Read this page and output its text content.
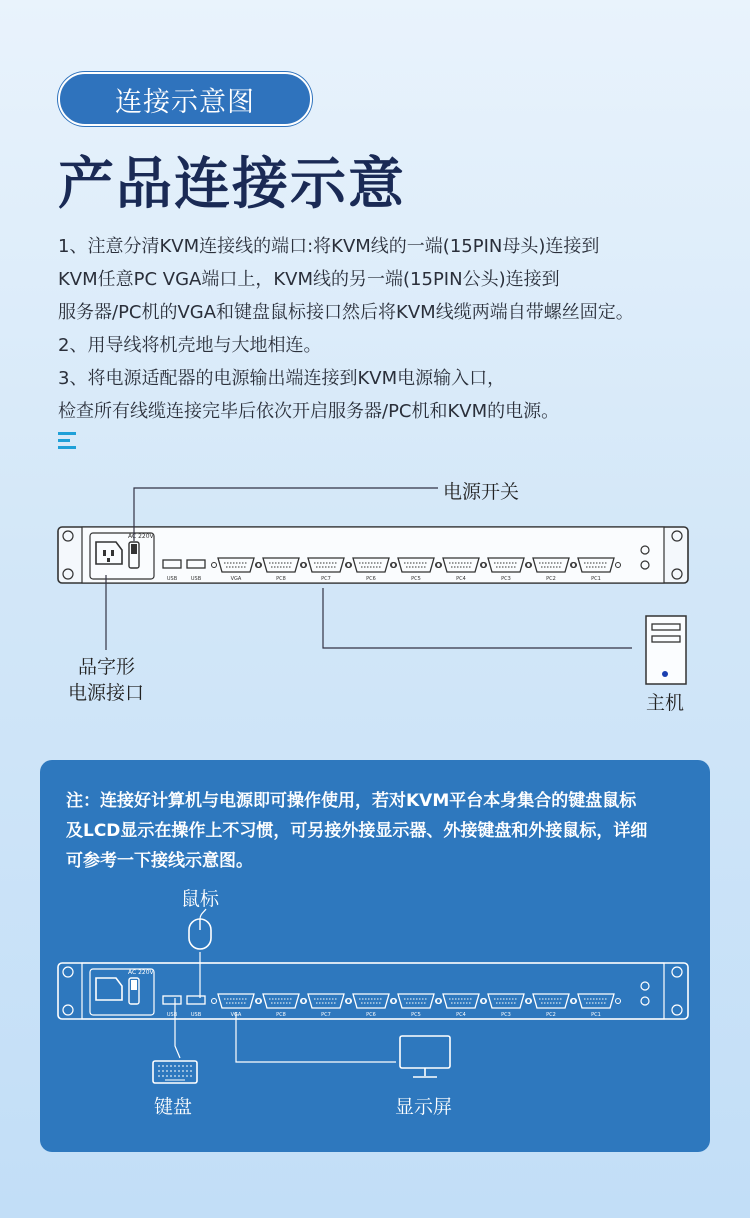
连接示意图
产品连接示意
1、注意分清KVM连接线的端口:将KVM线的一端(15PIN母头)连接到
KVM任意PC VGA端口上，KVM线的另一端(15PIN公头)连接到
服务器/PC机的VGA和键盘鼠标接口然后将KVM线缆两端自带螺丝固定。
2、用导线将机壳地与大地相连。
3、将电源适配器的电源输出端连接到KVM电源输入口，
检查所有线缆连接完毕后依次开启服务器/PC机和KVM的电源。
AC 220V
USB	USB	VGA	PC8	PC7	PC6	PC5	PC4	PC3	PC2	PC1
AC 220V
USB	USB	VGA	PC8	PC7	PC6	PC5	PC4	PC3	PC2	PC1
电源开关
品字形
电源接口	主机
注：连接好计算机与电源即可操作使用，若对KVM平台本身集合的键盘鼠标
及LCD显示在操作上不习惯，可另接外接显示器、外接键盘和外接鼠标，详细
可参考一下接线示意图。
鼠标
键盘	显示屏
